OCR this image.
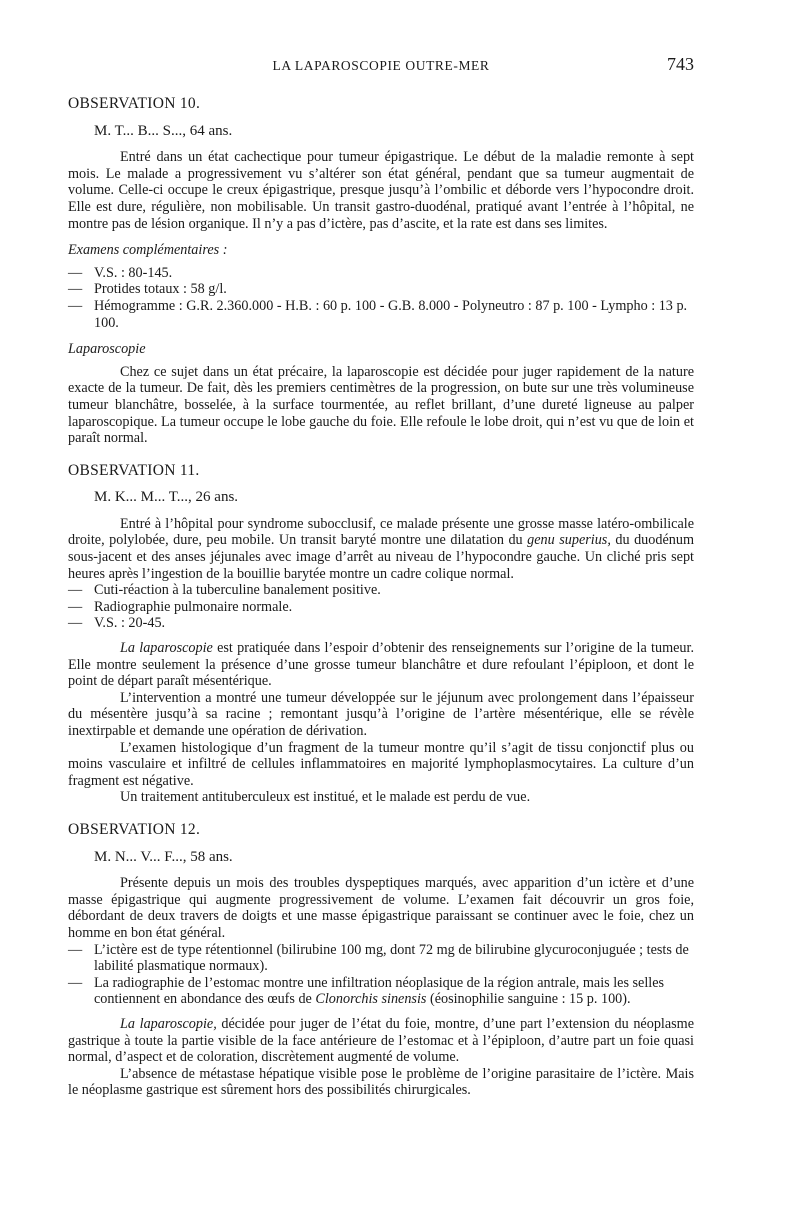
LA LAPAROSCOPIE OUTRE-MER	743
OBSERVATION 10.
M. T... B... S..., 64 ans.

Entré dans un état cachectique pour tumeur épigastrique. Le début de la maladie remonte à sept mois. Le malade a progressivement vu s’altérer son état général, pendant que sa tumeur augmentait de volume. Celle-ci occupe le creux épigastrique, presque jusqu’à l’ombilic et déborde vers l’hypocondre droit. Elle est dure, régulière, non mobilisable. Un transit gastro-duodénal, pratiqué avant l’entrée à l’hôpital, ne montre pas de lésion organique. Il n’y a pas d’ictère, pas d’ascite, et la rate est dans ses limites.

Examens complémentaires :
— V.S. : 80-145.
— Protides totaux : 58 g/l.
— Hémogramme : G.R. 2.360.000 - H.B. : 60 p. 100 - G.B. 8.000 - Polyneutro : 87 p. 100 - Lympho : 13 p. 100.
Laparoscopie

Chez ce sujet dans un état précaire, la laparoscopie est décidée pour juger rapidement de la nature exacte de la tumeur. De fait, dès les premiers centimètres de la progression, on bute sur une très volumineuse tumeur blanchâtre, bosselée, à la surface tourmentée, au reflet brillant, d’une dureté ligneuse au palper laparoscopique. La tumeur occupe le lobe gauche du foie. Elle refoule le lobe droit, qui n’est vu que de loin et paraît normal.

OBSERVATION 11.
M. K... M... T..., 26 ans.

Entré à l’hôpital pour syndrome subocclusif, ce malade présente une grosse masse latéro-ombilicale droite, polylobée, dure, peu mobile. Un transit baryté montre une dilatation du genu superius, du duodénum sous-jacent et des anses jéjunales avec image d’arrêt au niveau de l’hypocondre gauche. Un cliché pris sept heures après l’ingestion de la bouillie barytée montre un cadre colique normal.

— Cuti-réaction à la tuberculine banalement positive.
— Radiographie pulmonaire normale.
— V.S. : 20-45.

La laparoscopie est pratiquée dans l’espoir d’obtenir des renseignements sur l’origine de la tumeur. Elle montre seulement la présence d’une grosse tumeur blanchâtre et dure refoulant l’épiploon, et dont le point de départ paraît mésentérique.

L’intervention a montré une tumeur développée sur le jéjunum avec prolongement dans l’épaisseur du mésentère jusqu’à sa racine ; remontant jusqu’à l’origine de l’artère mésentérique, elle se révèle inextirpable et demande une opération de dérivation.

L’examen histologique d’un fragment de la tumeur montre qu’il s’agit de tissu conjonctif plus ou moins vasculaire et infiltré de cellules inflammatoires en majorité lymphoplasmocytaires. La culture d’un fragment est négative.

Un traitement antituberculeux est institué, et le malade est perdu de vue.

OBSERVATION 12.
M. N... V... F..., 58 ans.

Présente depuis un mois des troubles dyspeptiques marqués, avec apparition d’un ictère et d’une masse épigastrique qui augmente progressivement de volume. L’examen fait découvrir un gros foie, débordant de deux travers de doigts et une masse épigastrique paraissant se continuer avec le foie, chez un homme en bon état général.

— L’ictère est de type rétentionnel (bilirubine 100 mg, dont 72 mg de bilirubine glycuroconjuguée ; tests de labilité plasmatique normaux).
— La radiographie de l’estomac montre une infiltration néoplasique de la région antrale, mais les selles contiennent en abondance des œufs de Clonorchis sinensis (éosinophilie sanguine : 15 p. 100).

La laparoscopie, décidée pour juger de l’état du foie, montre, d’une part l’extension du néoplasme gastrique à toute la partie visible de la face antérieure de l’estomac et à l’épiploon, d’autre part un foie quasi normal, d’aspect et de coloration, discrètement augmenté de volume.

L’absence de métastase hépatique visible pose le problème de l’origine parasitaire de l’ictère. Mais le néoplasme gastrique est sûrement hors des possibilités chirurgicales.
